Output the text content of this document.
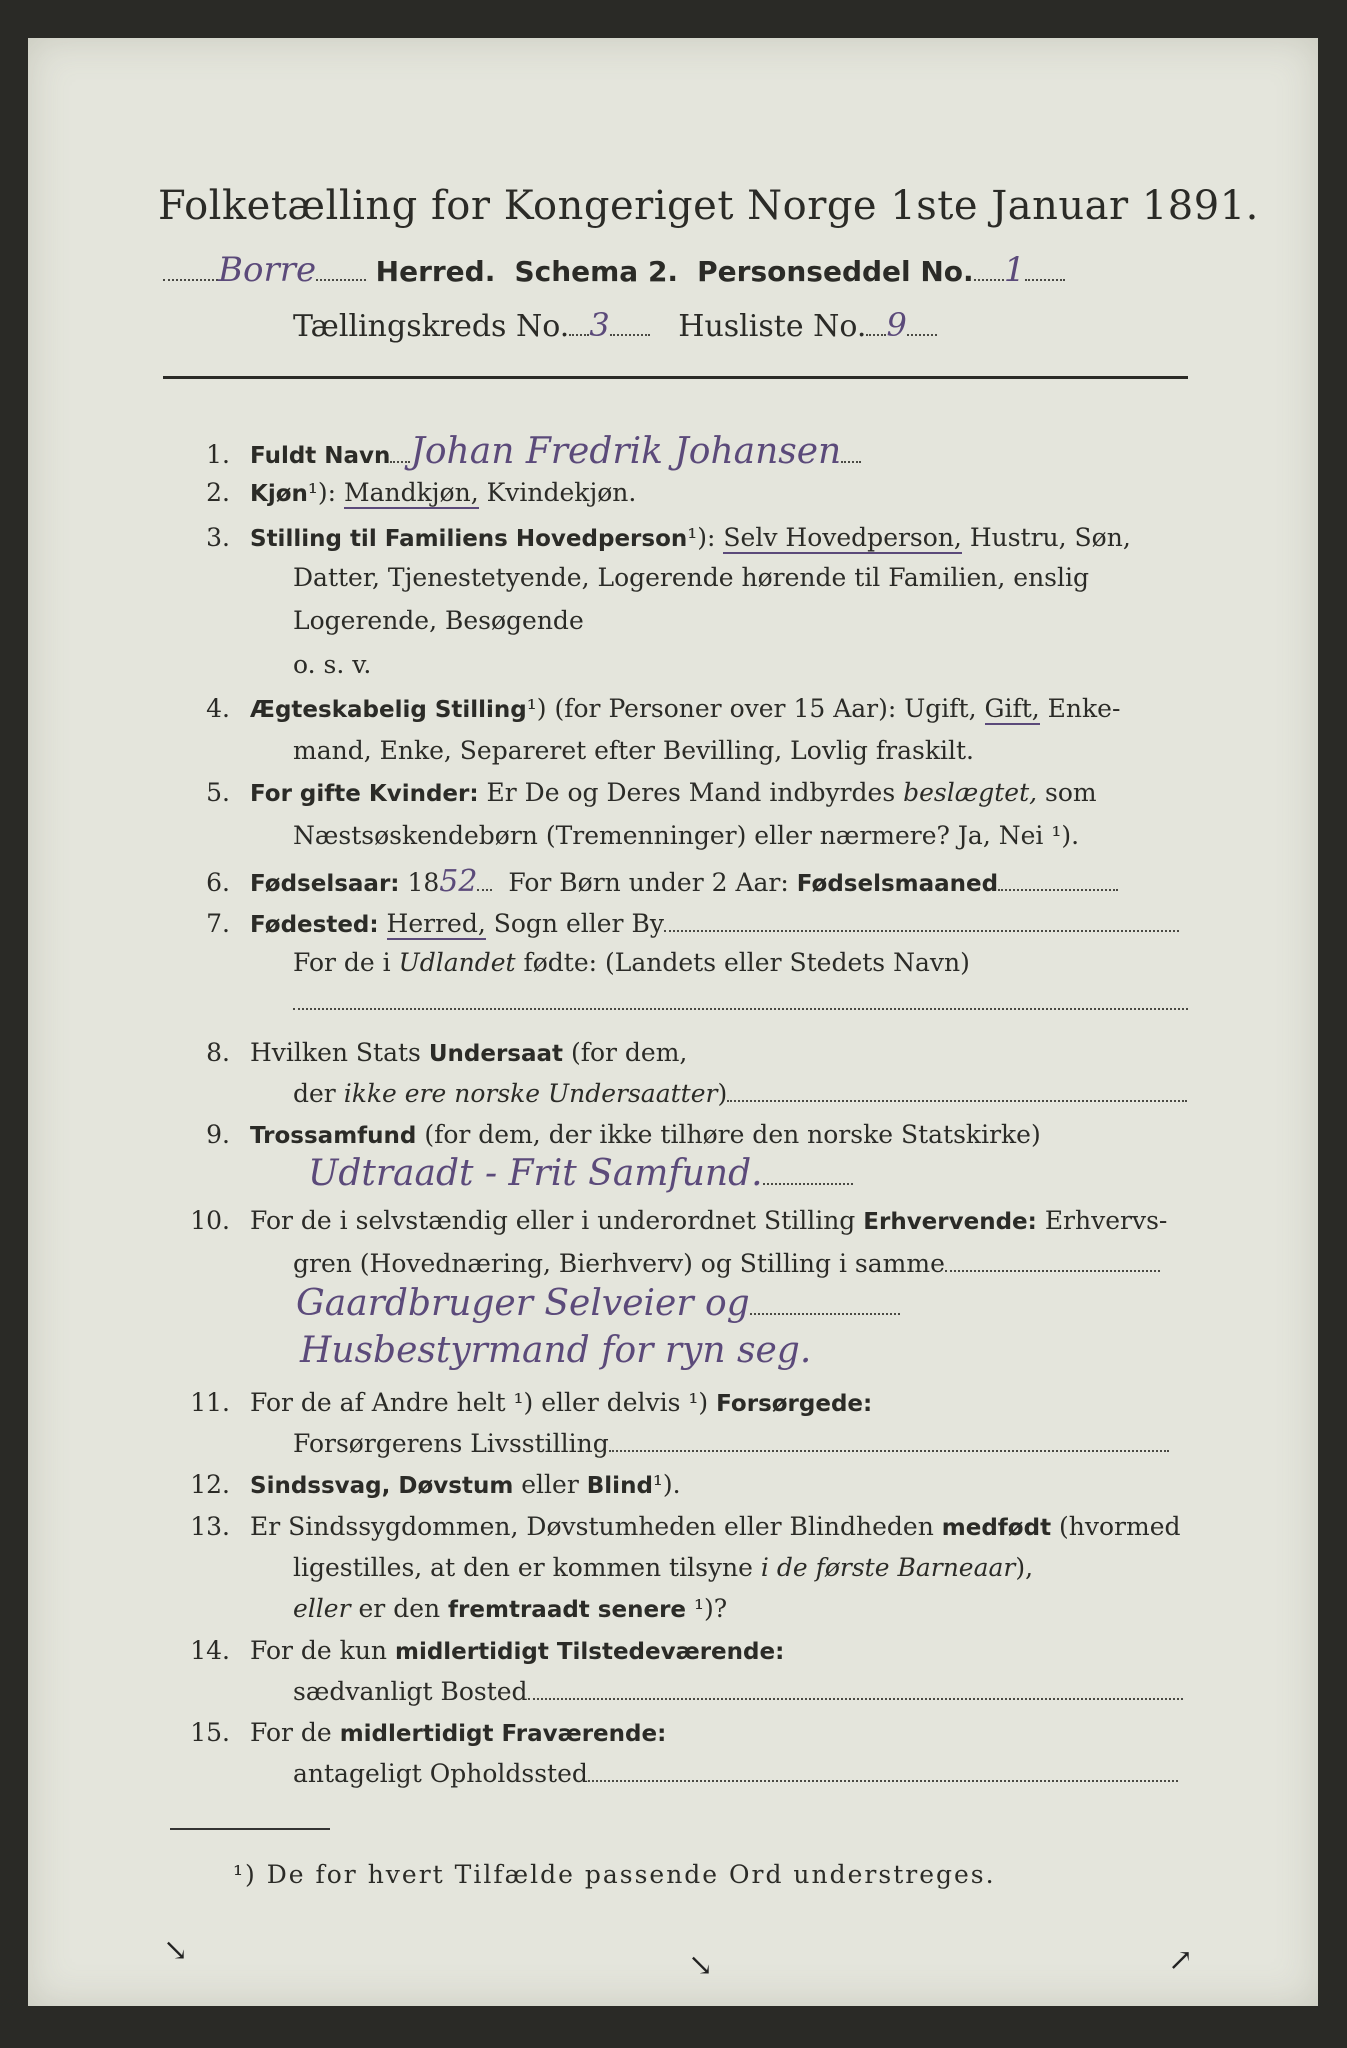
Folketælling for Kongeriget Norge 1ste Januar 1891.
Borre Herred. Schema 2. Personseddel No. 1
Tællingskreds No. 3 Husliste No. 9
1. Fuldt Navn Johan Fredrik Johansen
2. Kjøn¹): Mandkjøn, Kvindekjøn.
3. Stilling til Familiens Hovedperson¹): Selv Hovedperson, Hustru, Søn,
Datter, Tjenestetyende, Logerende hørende til Familien, enslig
Logerende, Besøgende
o. s. v.
4. Ægteskabelig Stilling¹) (for Personer over 15 Aar): Ugift, Gift, Enke-
mand, Enke, Separeret efter Bevilling, Lovlig fraskilt.
5. For gifte Kvinder: Er De og Deres Mand indbyrdes beslægtet, som
Næstsøskendebørn (Tremenninger) eller nærmere? Ja, Nei ¹).
6. Fødselsaar: 1852 For Børn under 2 Aar: Fødselsmaaned
7. Fødested: Herred, Sogn eller By
For de i Udlandet fødte: (Landets eller Stedets Navn)
8. Hvilken Stats Undersaat (for dem,
der ikke ere norske Undersaatter)
9. Trossamfund (for dem, der ikke tilhøre den norske Statskirke)
Udtraadt - Frit Samfund.
10. For de i selvstændig eller i underordnet Stilling Erhvervende: Erhvervs-
gren (Hovednæring, Bierhverv) og Stilling i samme
Gaardbruger Selveier og
Husbestyrmand for ryn seg.
11. For de af Andre helt ¹) eller delvis ¹) Forsørgede:
Forsørgerens Livsstilling
12. Sindssvag, Døvstum eller Blind¹).
13. Er Sindssygdommen, Døvstumheden eller Blindheden medfødt (hvormed
ligestilles, at den er kommen tilsyne i de første Barneaar),
eller er den fremtraadt senere ¹)?
14. For de kun midlertidigt Tilstedeværende:
sædvanligt Bosted
15. For de midlertidigt Fraværende:
antageligt Opholdssted
¹) De for hvert Tilfælde passende Ord understreges.
↘	↘	↗
